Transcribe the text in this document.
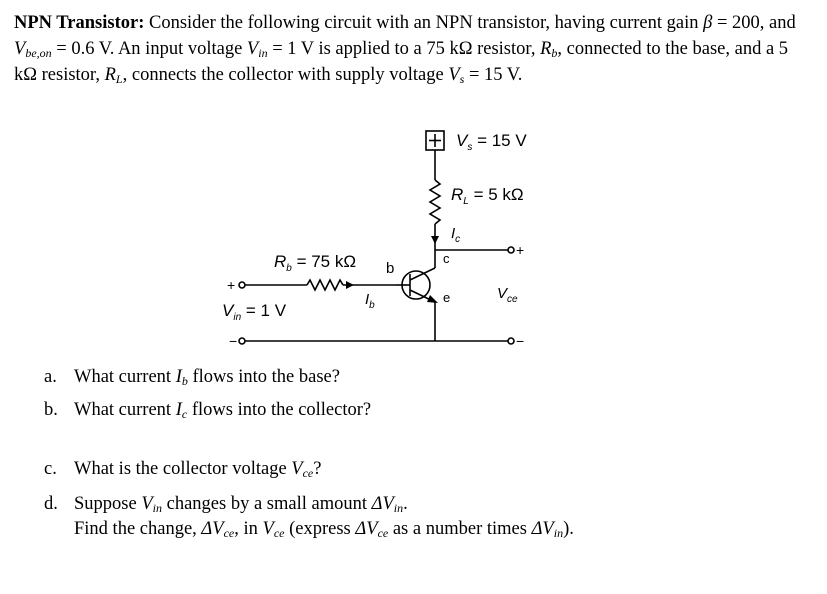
NPN Transistor: Consider the following circuit with an NPN transistor, having current gain β = 200, and $V_{be,on} = 0.6$ V. An input voltage $V_{in} = 1$ V is applied to a 75 kΩ resistor, $R_b$, connected to the base, and a 5 kΩ resistor, $R_L$, connects the collector with supply voltage $V_s = 15$ V.
$V_s = 15$ V
$R_L = 5$ kΩ
$I_c$
c
b
e
$R_b = 75$ kΩ
$I_b$
+
$V_{in} = 1$ V
−
+
$V_{ce}$
−
a. What current $I_b$ flows into the base?
b. What current $I_c$ flows into the collector?
c. What is the collector voltage $V_{ce}$?
d. Suppose $V_{in}$ changes by a small amount $\Delta V_{in}$.
Find the change, $\Delta V_{ce}$, in $V_{ce}$ (express $\Delta V_{ce}$ as a number times $\Delta V_{in}$).
